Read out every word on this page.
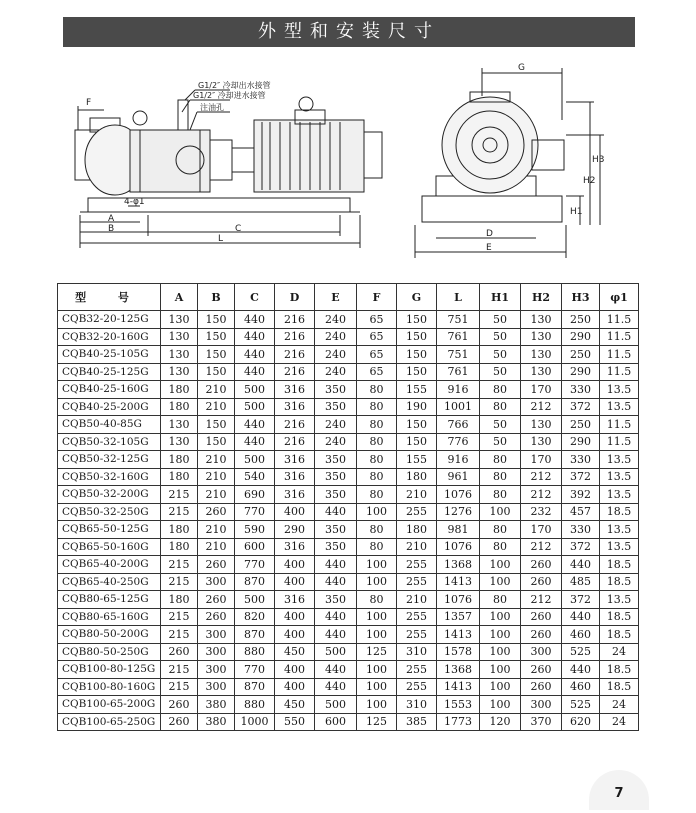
外型和安装尺寸
G1/2″ 冷却出水接管
G1/2″ 冷却进水接管
注油孔
F
A
B	C
L
4-φ1
G
H3
H2
H1
D
E
型 号	A	B	C	D	E	F	G	L	H1	H2	H3	φ1
CQB32-20-125G	130	150	440	216	240	65	150	751	50	130	250	11.5
CQB32-20-160G	130	150	440	216	240	65	150	761	50	130	290	11.5
CQB40-25-105G	130	150	440	216	240	65	150	751	50	130	250	11.5
CQB40-25-125G	130	150	440	216	240	65	150	761	50	130	290	11.5
CQB40-25-160G	180	210	500	316	350	80	155	916	80	170	330	13.5
CQB40-25-200G	180	210	500	316	350	80	190	1001	80	212	372	13.5
CQB50-40-85G	130	150	440	216	240	80	150	766	50	130	250	11.5
CQB50-32-105G	130	150	440	216	240	80	150	776	50	130	290	11.5
CQB50-32-125G	180	210	500	316	350	80	155	916	80	170	330	13.5
CQB50-32-160G	180	210	540	316	350	80	180	961	80	212	372	13.5
CQB50-32-200G	215	210	690	316	350	80	210	1076	80	212	392	13.5
CQB50-32-250G	215	260	770	400	440	100	255	1276	100	232	457	18.5
CQB65-50-125G	180	210	590	290	350	80	180	981	80	170	330	13.5
CQB65-50-160G	180	210	600	316	350	80	210	1076	80	212	372	13.5
CQB65-40-200G	215	260	770	400	440	100	255	1368	100	260	440	18.5
CQB65-40-250G	215	300	870	400	440	100	255	1413	100	260	485	18.5
CQB80-65-125G	180	260	500	316	350	80	210	1076	80	212	372	13.5
CQB80-65-160G	215	260	820	400	440	100	255	1357	100	260	440	18.5
CQB80-50-200G	215	300	870	400	440	100	255	1413	100	260	460	18.5
CQB80-50-250G	260	300	880	450	500	125	310	1578	100	300	525	24
CQB100-80-125G	215	300	770	400	440	100	255	1368	100	260	440	18.5
CQB100-80-160G	215	300	870	400	440	100	255	1413	100	260	460	18.5
CQB100-65-200G	260	380	880	450	500	100	310	1553	100	300	525	24
CQB100-65-250G	260	380	1000	550	600	125	385	1773	120	370	620	24
7
